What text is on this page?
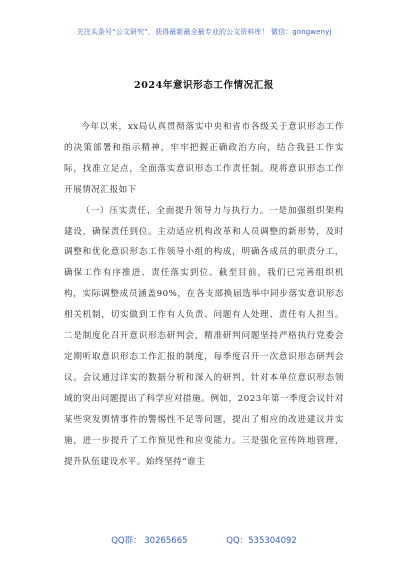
关注头条号“公文研究”，获得最新最全最专业的公文资料库！ 微信：gongwenyj
2024年意识形态工作情况汇报

今年以来，xx局认真贯彻落实中央和省市各级关于意识形态工作的决策部署和指示精神，牢牢把握正确政治方向，结合我县工作实际，找准立足点，全面落实意识形态工作责任制。现将意识形态工作开展情况汇报如下

（一）压实责任，全面提升领导力与执行力。一是加强组织架构建设，确保责任到位。主动适应机构改革和人员调整的新形势，及时调整和优化意识形态工作领导小组的构成，明确各成员的职责分工，确保工作有序推进、责任落实到位。截至目前，我们已完善组织机构，实际调整成员涵盖90%，在各支部换届选举中同步落实意识形态相关机制，切实做到工作有人负责、问题有人处理、责任有人担当。二是制度化召开意识形态研判会，精准研判问题坚持严格执行党委会定期听取意识形态工作汇报的制度，每季度召开一次意识形态研判会议。会议通过详实的数据分析和深入的研判，针对本单位意识形态领域的突出问题提出了科学应对措施。例如，2023年第一季度会议针对某些突发舆情事件的警惕性不足等问题，提出了相应的改进建议并实施，进一步提升了工作预见性和应变能力。三是强化宣传阵地管理，提升队伍建设水平。始终坚持“谁主

QQ群： 30265665	QQ：535304092
